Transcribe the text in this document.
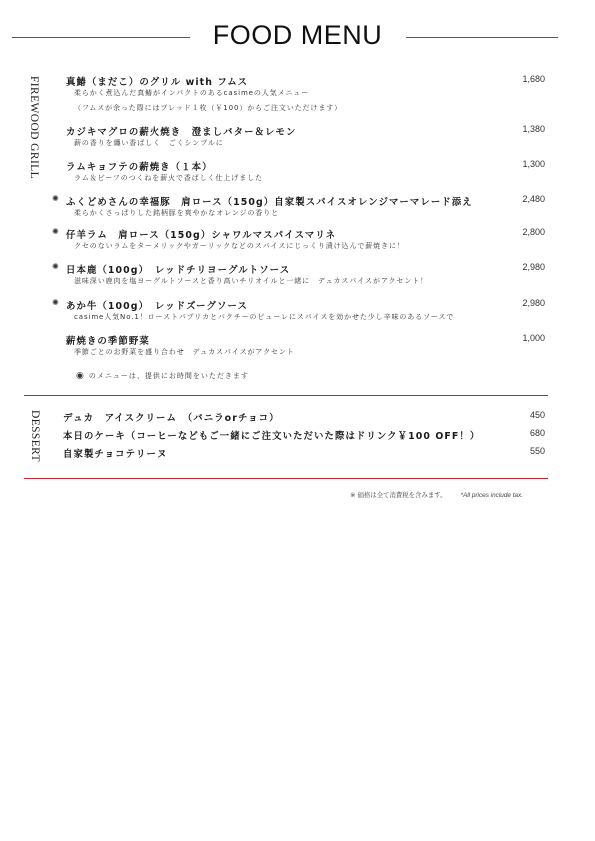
FOOD MENU
FIREWOOD GRILL	真鰆（まだこ）のグリル with フムス	1,680
柔らかく煮込んだ真鰆がインパクトのあるcasimeの人気メニュー
（フムスが余った際にはブレッド１枚（￥100）からご注文いただけます）
カジキマグロの薪火焼き　澄ましバター＆レモン	1,380
薪の香りを纏い香ばしく　ごくシンプルに
ラムキョフテの薪焼き（１本）	1,300
ラム＆ビーフのつくねを薪火で香ばしく仕上げました
✺ ふくどめさんの幸福豚　肩ロース（150g）自家製スパイスオレンジマーマレード添え	2,480
柔らかくさっぱりした銘柄豚を爽やかなオレンジの香りと
✺ 仔羊ラム　肩ロース（150g）シャワルマスパイスマリネ	2,800
クセのないラムをターメリックやガーリックなどのスパイスにじっくり漬け込んで薪焼きに！
✺ 日本鹿（100g）　レッドチリヨーグルトソース	2,980
滋味深い鹿肉を塩ヨーグルトソースと香り高いチリオイルと一緒に　デュカスパイスがアクセント！
✺ あか牛（100g）　レッドズーグソース	2,980
casime人気No.1！ローストパプリカとパクチーのピューレにスパイスを効かせた少し辛味のあるソースで
薪焼きの季節野菜	1,000
季節ごとのお野菜を盛り合わせ　デュカスパイスがアクセント
◉ のメニューは、提供にお時間をいただきます
DESSERT デュカ　アイスクリーム　（バニラorチョコ）	450
本日のケーキ（コーヒーなどもご一緒にご注文いただいた際はドリンク￥100 OFF！）	680
自家製チョコテリーヌ	550
※ 価格は全て消費税を含みます。 *All prices include tax.
